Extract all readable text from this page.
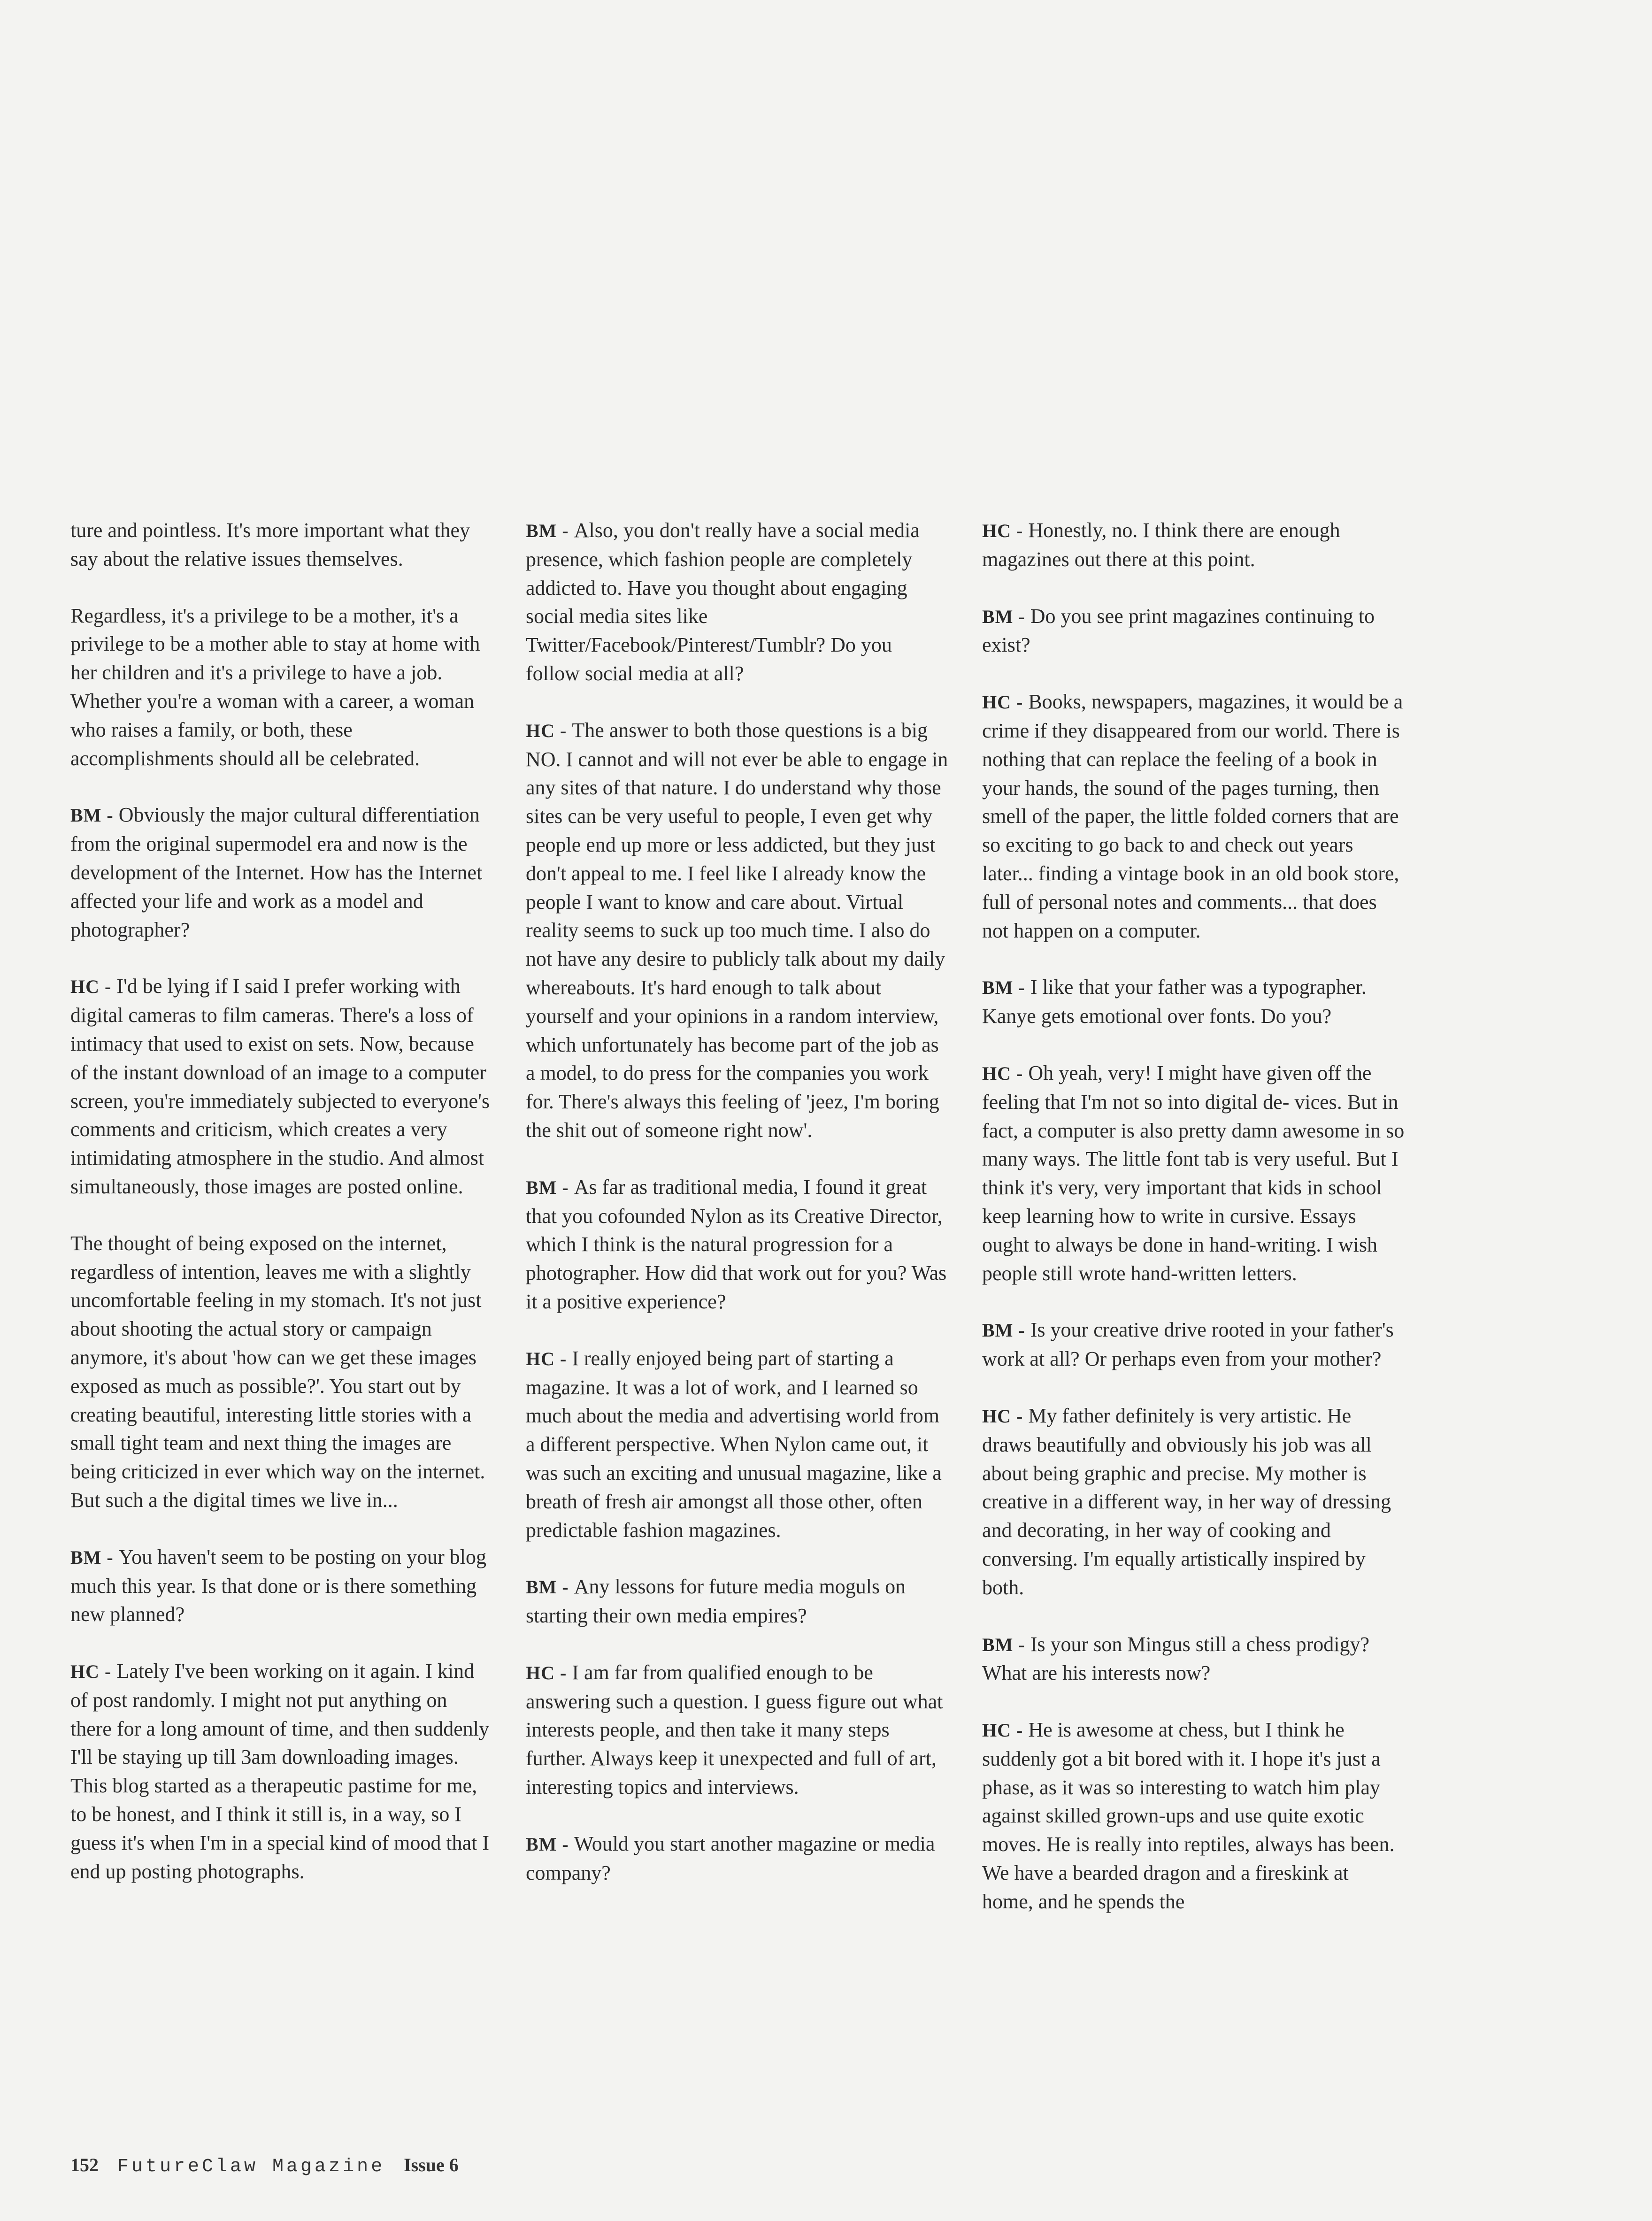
ture and pointless. It's more important what they say about the relative issues themselves.

Regardless, it's a privilege to be a mother, it's a privilege to be a mother able to stay at home with her children and it's a privilege to have a job. Whether you're a woman with a career, a woman who raises a family, or both, these accomplishments should all be celebrated.

BM - Obviously the major cultural differentiation from the original supermodel era and now is the development of the Internet. How has the Internet affected your life and work as a model and photographer?

HC - I'd be lying if I said I prefer working with digital cameras to film cameras. There's a loss of intimacy that used to exist on sets. Now, because of the instant download of an image to a computer screen, you're immediately subjected to everyone's comments and criticism, which creates a very intimidating atmosphere in the studio. And almost simultaneously, those images are posted online.

The thought of being exposed on the internet, regardless of intention, leaves me with a slightly uncomfortable feeling in my stomach. It's not just about shooting the actual story or campaign anymore, it's about 'how can we get these images exposed as much as possible?'. You start out by creating beautiful, interesting little stories with a small tight team and next thing the images are being criticized in ever which way on the internet. But such a the digital times we live in...

BM - You haven't seem to be posting on your blog much this year. Is that done or is there something new planned?

HC - Lately I've been working on it again. I kind of post randomly. I might not put anything on there for a long amount of time, and then suddenly I'll be staying up till 3am downloading images. This blog started as a therapeutic pastime for me, to be honest, and I think it still is, in a way, so I guess it's when I'm in a special kind of mood that I end up posting photographs.

BM - Also, you don't really have a social media presence, which fashion people are completely addicted to. Have you thought about engaging social media sites like Twitter/Facebook/Pinterest/Tumblr? Do you follow social media at all?

HC - The answer to both those questions is a big NO. I cannot and will not ever be able to engage in any sites of that nature. I do understand why those sites can be very useful to people, I even get why people end up more or less addicted, but they just don't appeal to me. I feel like I already know the people I want to know and care about. Virtual reality seems to suck up too much time. I also do not have any desire to publicly talk about my daily whereabouts. It's hard enough to talk about yourself and your opinions in a random interview, which unfortunately has become part of the job as a model, to do press for the companies you work for. There's always this feeling of 'jeez, I'm boring the shit out of someone right now'.

BM - As far as traditional media, I found it great that you cofounded Nylon as its Creative Director, which I think is the natural progression for a photographer. How did that work out for you? Was it a positive experience?

HC - I really enjoyed being part of starting a magazine. It was a lot of work, and I learned so much about the media and advertising world from a different perspective. When Nylon came out, it was such an exciting and unusual magazine, like a breath of fresh air amongst all those other, often predictable fashion magazines.

BM - Any lessons for future media moguls on starting their own media empires?

HC - I am far from qualified enough to be answering such a question. I guess figure out what interests people, and then take it many steps further. Always keep it unexpected and full of art, interesting topics and interviews.

BM - Would you start another magazine or media company?

HC - Honestly, no. I think there are enough magazines out there at this point.

BM - Do you see print magazines continuing to exist?

HC - Books, newspapers, magazines, it would be a crime if they disappeared from our world. There is nothing that can replace the feeling of a book in your hands, the sound of the pages turning, then smell of the paper, the little folded corners that are so exciting to go back to and check out years later... finding a vintage book in an old book store, full of personal notes and comments... that does not happen on a computer.

BM - I like that your father was a typographer. Kanye gets emotional over fonts. Do you?

HC - Oh yeah, very! I might have given off the feeling that I'm not so into digital de- vices. But in fact, a computer is also pretty damn awesome in so many ways. The little font tab is very useful. But I think it's very, very important that kids in school keep learning how to write in cursive. Essays ought to always be done in hand-writing. I wish people still wrote hand-written letters.

BM - Is your creative drive rooted in your father's work at all? Or perhaps even from your mother?

HC - My father definitely is very artistic. He draws beautifully and obviously his job was all about being graphic and precise. My mother is creative in a different way, in her way of dressing and decorating, in her way of cooking and conversing. I'm equally artistically inspired by both.

BM - Is your son Mingus still a chess prodigy? What are his interests now?

HC - He is awesome at chess, but I think he suddenly got a bit bored with it. I hope it's just a phase, as it was so interesting to watch him play against skilled grown-ups and use quite exotic moves. He is really into reptiles, always has been. We have a bearded dragon and a fireskink at home, and he spends the

152 FutureClaw Magazine Issue 6
